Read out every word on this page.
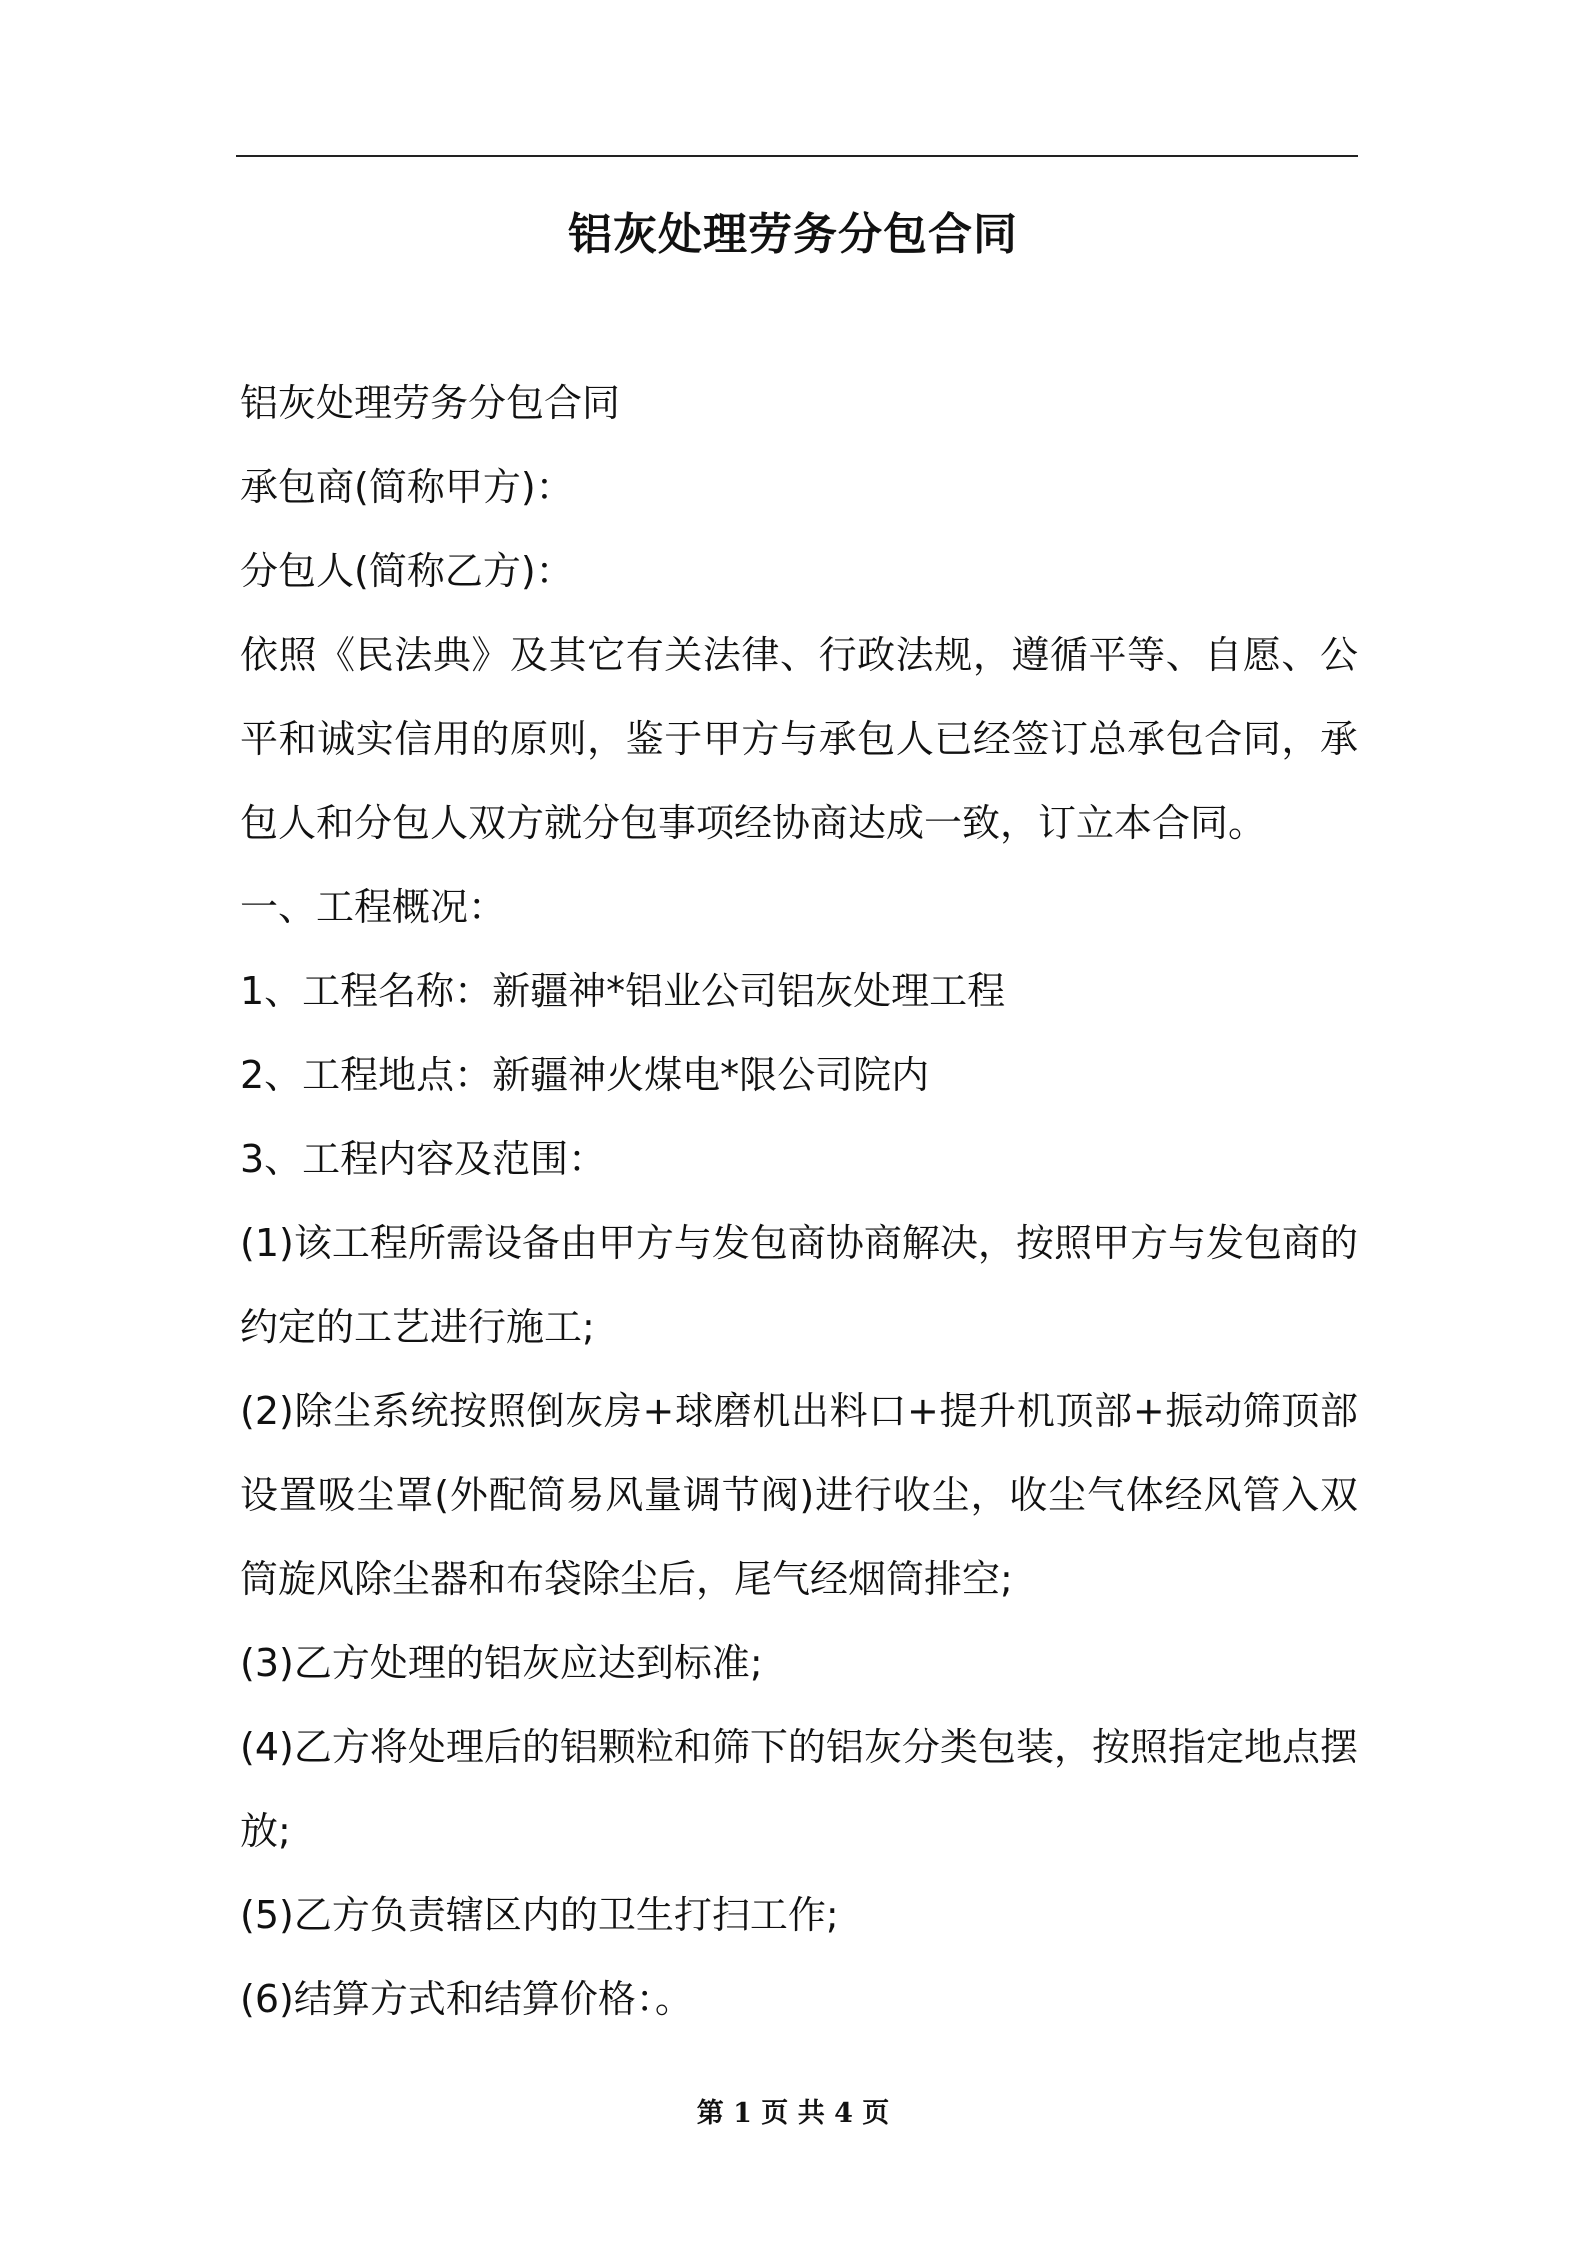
铝灰处理劳务分包合同

铝灰处理劳务分包合同

承包商(简称甲方)：

分包人(简称乙方)：

依照《民法典》及其它有关法律、行政法规，遵循平等、自愿、公平和诚实信用的原则，鉴于甲方与承包人已经签订总承包合同，承包人和分包人双方就分包事项经协商达成一致，订立本合同。

一、工程概况：

1、工程名称：新疆神*铝业公司铝灰处理工程

2、工程地点：新疆神火煤电*限公司院内

3、工程内容及范围：

(1)该工程所需设备由甲方与发包商协商解决，按照甲方与发包商的约定的工艺进行施工;

(2)除尘系统按照倒灰房+球磨机出料口+提升机顶部+振动筛顶部设置吸尘罩(外配简易风量调节阀)进行收尘，收尘气体经风管入双筒旋风除尘器和布袋除尘后，尾气经烟筒排空;

(3)乙方处理的铝灰应达到标准;

(4)乙方将处理后的铝颗粒和筛下的铝灰分类包装，按照指定地点摆放;

(5)乙方负责辖区内的卫生打扫工作;

(6)结算方式和结算价格：。

第 1 页 共 4 页
